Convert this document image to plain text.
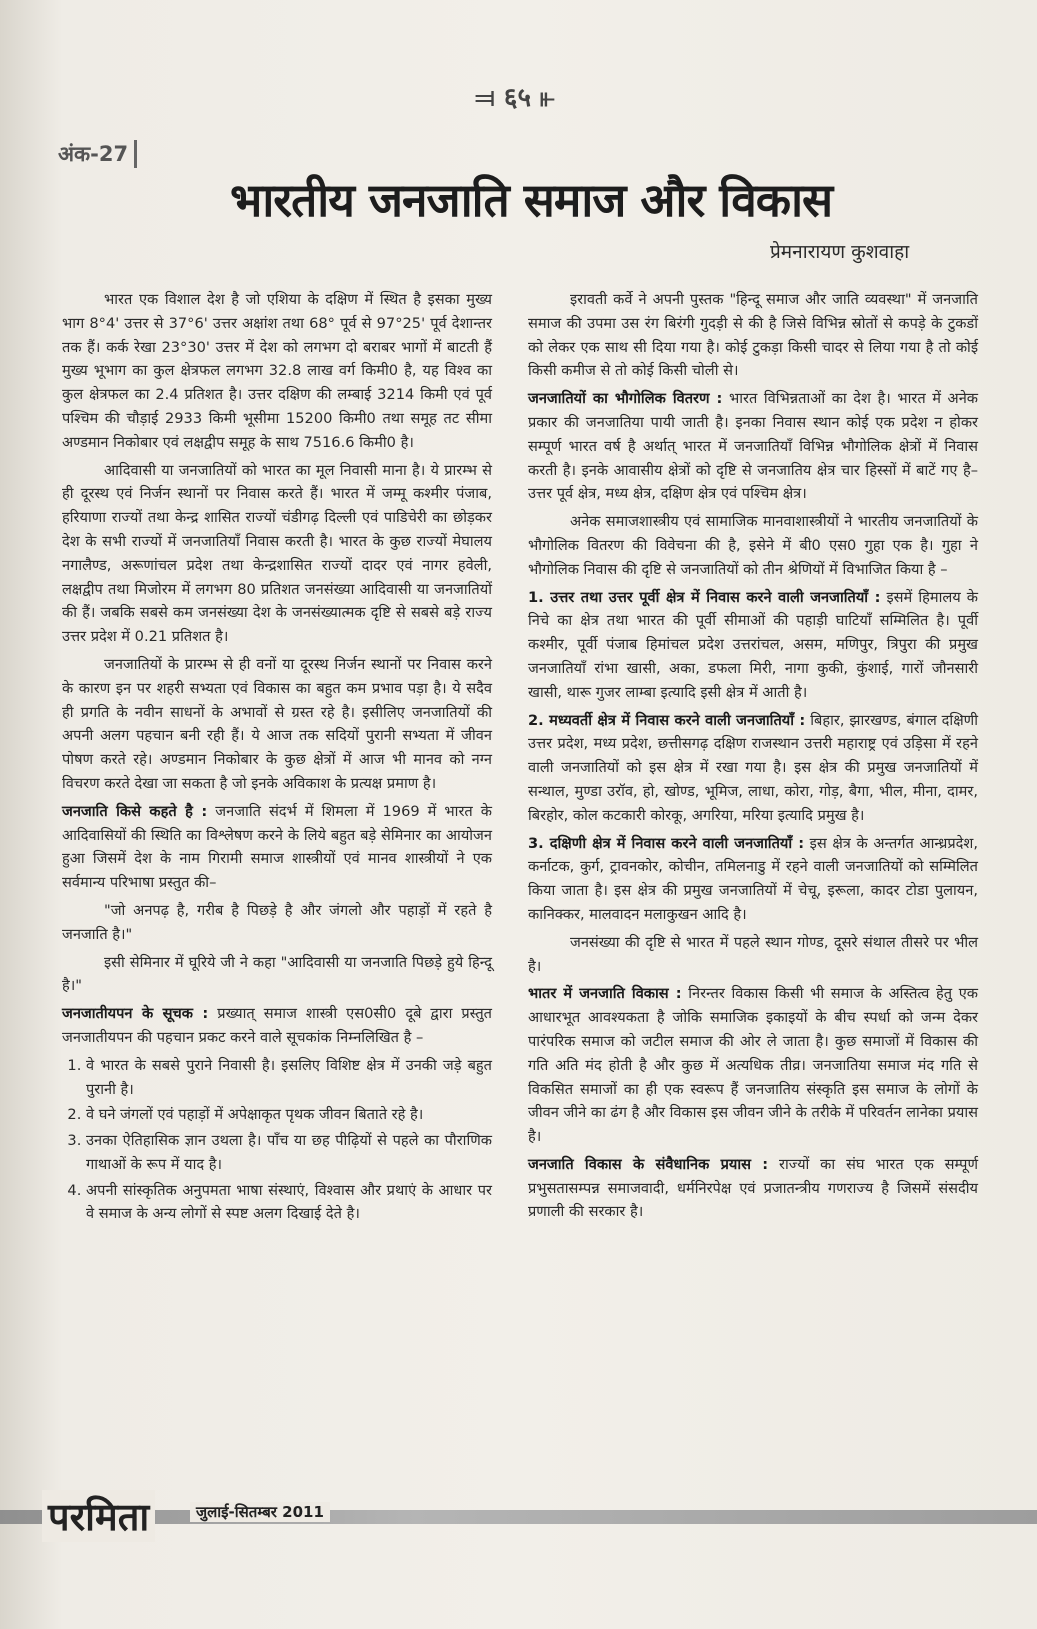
⫤ ६५ ⫦
अंक-27
भारतीय जनजाति समाज और विकास
प्रेमनारायण कुशवाहा

भारत एक विशाल देश है जो एशिया के दक्षिण में स्थित है इसका मुख्य भाग 8°4' उत्तर से 37°6' उत्तर अक्षांश तथा 68° पूर्व से 97°25' पूर्व देशान्तर तक हैं। कर्क रेखा 23°30' उत्तर में देश को लगभग दो बराबर भागों में बाटती हैं मुख्य भूभाग का कुल क्षेत्रफल लगभग 32.8 लाख वर्ग किमी0 है, यह विश्व का कुल क्षेत्रफल का 2.4 प्रतिशत है। उत्तर दक्षिण की लम्बाई 3214 किमी एवं पूर्व पश्चिम की चौड़ाई 2933 किमी भूसीमा 15200 किमी0 तथा समूह तट सीमा अण्डमान निकोबार एवं लक्षद्वीप समूह के साथ 7516.6 किमी0 है।

आदिवासी या जनजातियों को भारत का मूल निवासी माना है। ये प्रारम्भ से ही दूरस्थ एवं निर्जन स्थानों पर निवास करते हैं। भारत में जम्मू कश्मीर पंजाब, हरियाणा राज्यों तथा केन्द्र शासित राज्यों चंडीगढ़ दिल्ली एवं पाडिचेरी का छोड़कर देश के सभी राज्यों में जनजातियाँ निवास करती है। भारत के कुछ राज्यों मेघालय नगालैण्ड, अरूणांचल प्रदेश तथा केन्द्रशासित राज्यों दादर एवं नागर हवेली, लक्षद्वीप तथा मिजोरम में लगभग 80 प्रतिशत जनसंख्या आदिवासी या जनजातियों की हैं। जबकि सबसे कम जनसंख्या देश के जनसंख्यात्मक दृष्टि से सबसे बड़े राज्य उत्तर प्रदेश में 0.21 प्रतिशत है।

जनजातियों के प्रारम्भ से ही वनों या दूरस्थ निर्जन स्थानों पर निवास करने के कारण इन पर शहरी सभ्यता एवं विकास का बहुत कम प्रभाव पड़ा है। ये सदैव ही प्रगति के नवीन साधनों के अभावों से ग्रस्त रहे है। इसीलिए जनजातियों की अपनी अलग पहचान बनी रही हैं। ये आज तक सदियों पुरानी सभ्यता में जीवन पोषण करते रहे। अण्डमान निकोबार के कुछ क्षेत्रों में आज भी मानव को नग्न विचरण करते देखा जा सकता है जो इनके अविकाश के प्रत्यक्ष प्रमाण है।

जनजाति किसे कहते है : जनजाति संदर्भ में शिमला में 1969 में भारत के आदिवासियों की स्थिति का विश्लेषण करने के लिये बहुत बड़े सेमिनार का आयोजन हुआ जिसमें देश के नाम गिरामी समाज शास्त्रीयों एवं मानव शास्त्रीयों ने एक सर्वमान्य परिभाषा प्रस्तुत की–

"जो अनपढ़ है, गरीब है पिछड़े है और जंगलो और पहाड़ों में रहते है जनजाति है।"

इसी सेमिनार में घूरिये जी ने कहा "आदिवासी या जनजाति पिछड़े हुये हिन्दू है।"

जनजातीयपन के सूचक : प्रख्यात् समाज शास्त्री एस0सी0 दूबे द्वारा प्रस्तुत जनजातीयपन की पहचान प्रकट करने वाले सूचकांक निम्नलिखित है –

1. वे भारत के सबसे पुराने निवासी है। इसलिए विशिष्ट क्षेत्र में उनकी जड़े बहुत पुरानी है।
2. वे घने जंगलों एवं पहाड़ों में अपेक्षाकृत पृथक जीवन बिताते रहे है।
3. उनका ऐतिहासिक ज्ञान उथला है। पाँच या छह पीढ़ियों से पहले का पौराणिक गाथाओं के रूप में याद है।
4. अपनी सांस्कृतिक अनुपमता भाषा संस्थाएं, विश्वास और प्रथाएं के आधार पर वे समाज के अन्य लोगों से स्पष्ट अलग दिखाई देते है।

इरावती कर्वे ने अपनी पुस्तक "हिन्दू समाज और जाति व्यवस्था" में जनजाति समाज की उपमा उस रंग बिरंगी गुदड़ी से की है जिसे विभिन्न स्रोतों से कपड़े के टुकडों को लेकर एक साथ सी दिया गया है। कोई टुकड़ा किसी चादर से लिया गया है तो कोई किसी कमीज से तो कोई किसी चोली से।

जनजातियों का भौगोलिक वितरण : भारत विभिन्नताओं का देश है। भारत में अनेक प्रकार की जनजातिया पायी जाती है। इनका निवास स्थान कोई एक प्रदेश न होकर सम्पूर्ण भारत वर्ष है अर्थात् भारत में जनजातियाँ विभिन्न भौगोलिक क्षेत्रों में निवास करती है। इनके आवासीय क्षेत्रों को दृष्टि से जनजातिय क्षेत्र चार हिस्सों में बाटें गए है– उत्तर पूर्व क्षेत्र, मध्य क्षेत्र, दक्षिण क्षेत्र एवं पश्चिम क्षेत्र।

अनेक समाजशास्त्रीय एवं सामाजिक मानवाशास्त्रीयों ने भारतीय जनजातियों के भौगोलिक वितरण की विवेचना की है, इसेने में बी0 एस0 गुहा एक है। गुहा ने भौगोलिक निवास की दृष्टि से जनजातियों को तीन श्रेणियों में विभाजित किया है –

1. उत्तर तथा उत्तर पूर्वी क्षेत्र में निवास करने वाली जनजातियाँ : इसमें हिमालय के निचे का क्षेत्र तथा भारत की पूर्वी सीमाओं की पहाड़ी घाटियाँ सम्मिलित है। पूर्वी कश्मीर, पूर्वी पंजाब हिमांचल प्रदेश उत्तरांचल, असम, मणिपुर, त्रिपुरा की प्रमुख जनजातियाँ रांभा खासी, अका, डफला मिरी, नागा कुकी, कुंशाई, गारों जौनसारी खासी, थारू गुजर लाम्बा इत्यादि इसी क्षेत्र में आती है।

2. मध्यवर्ती क्षेत्र में निवास करने वाली जनजातियाँ : बिहार, झारखण्ड, बंगाल दक्षिणी उत्तर प्रदेश, मध्य प्रदेश, छत्तीसगढ़ दक्षिण राजस्थान उत्तरी महाराष्ट्र एवं उड़िसा में रहने वाली जनजातियों को इस क्षेत्र में रखा गया है। इस क्षेत्र की प्रमुख जनजातियों में सन्थाल, मुण्डा उरॉव, हो, खोण्ड, भूमिज, लाधा, कोरा, गोड़, बैगा, भील, मीना, दामर, बिरहोर, कोल कटकारी कोरकू, अगरिया, मरिया इत्यादि प्रमुख है।

3. दक्षिणी क्षेत्र में निवास करने वाली जनजातियाँ : इस क्षेत्र के अन्तर्गत आन्ध्रप्रदेश, कर्नाटक, कुर्ग, ट्रावनकोर, कोचीन, तमिलनाडु में रहने वाली जनजातियों को सम्मिलित किया जाता है। इस क्षेत्र की प्रमुख जनजातियों में चेचू, इरूला, कादर टोडा पुलायन, कानिक्कर, मालवादन मलाकुखन आदि है।

जनसंख्या की दृष्टि से भारत में पहले स्थान गोण्ड, दूसरे संथाल तीसरे पर भील है।

भातर में जनजाति विकास : निरन्तर विकास किसी भी समाज के अस्तित्व हेतु एक आधारभूत आवश्यकता है जोकि समाजिक इकाइयों के बीच स्पर्धा को जन्म देकर पारंपरिक समाज को जटील समाज की ओर ले जाता है। कुछ समाजों में विकास की गति अति मंद होती है और कुछ में अत्यधिक तीव्र। जनजातिया समाज मंद गति से विकसित समाजों का ही एक स्वरूप हैं जनजातिय संस्कृति इस समाज के लोगों के जीवन जीने का ढंग है और विकास इस जीवन जीने के तरीके में परिवर्तन लानेका प्रयास है।

जनजाति विकास के संवैधानिक प्रयास : राज्यों का संघ भारत एक सम्पूर्ण प्रभुसतासम्पन्न समाजवादी, धर्मनिरपेक्ष एवं प्रजातन्त्रीय गणराज्य है जिसमें संसदीय प्रणाली की सरकार है।

परमिता	जुलाई-सितम्बर 2011
